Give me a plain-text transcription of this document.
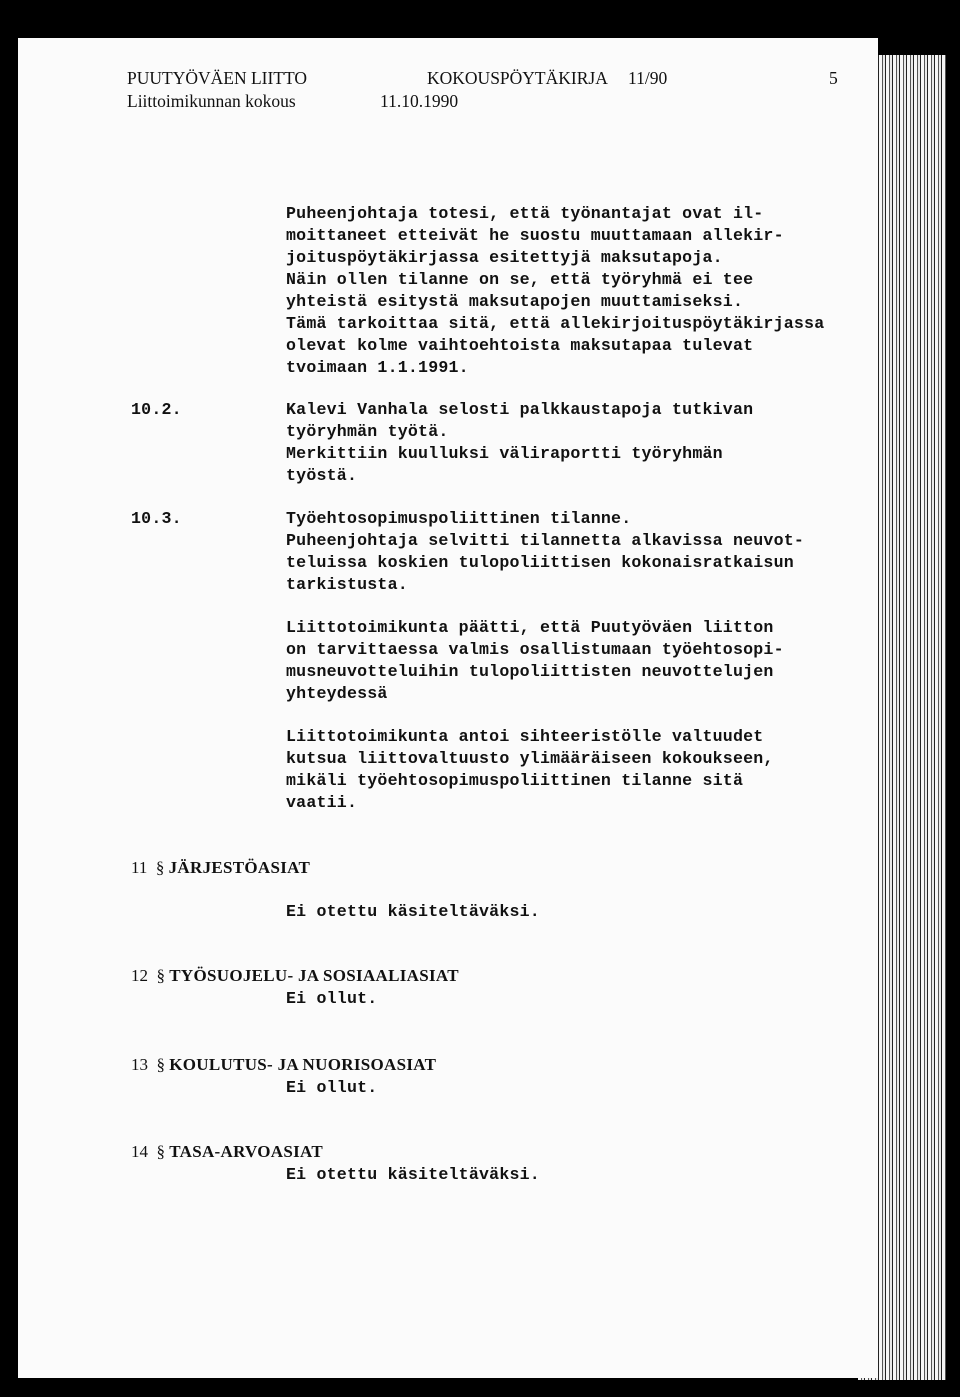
PUUTYÖVÄEN LIITTO	KOKOUSPÖYTÄKIRJA 11/90	5

Liittoimikunnan kokous	11.10.1990

Puheenjohtaja totesi, että työnantajat ovat il-

moittaneet etteivät he suostu muuttamaan allekir-

joituspöytäkirjassa esitettyjä maksutapoja.

Näin ollen tilanne on se, että työryhmä ei tee

yhteistä esitystä maksutapojen muuttamiseksi.

Tämä tarkoittaa sitä, että allekirjoituspöytäkirjassa

olevat kolme vaihtoehtoista maksutapaa tulevat

tvoimaan 1.1.1991.

10.2.	Kalevi Vanhala selosti palkkaustapoja tutkivan

työryhmän työtä.

Merkittiin kuulluksi väliraportti työryhmän

työstä.

10.3.	Työehtosopimuspoliittinen tilanne.

Puheenjohtaja selvitti tilannetta alkavissa neuvot-

teluissa koskien tulopoliittisen kokonaisratkaisun

tarkistusta.

Liittotoimikunta päätti, että Puutyöväen liitton

on tarvittaessa valmis osallistumaan työehtosopi-

musneuvotteluihin tulopoliittisten neuvottelujen

yhteydessä

Liittotoimikunta antoi sihteeristölle valtuudet

kutsua liittovaltuusto ylimääräiseen kokoukseen,

mikäli työehtosopimuspoliittinen tilanne sitä

vaatii.

11 § JÄRJESTÖASIAT

Ei otettu käsiteltäväksi.

12 § TYÖSUOJELU- JA SOSIAALIASIAT

Ei ollut.

13 § KOULUTUS- JA NUORISOASIAT

Ei ollut.

14 § TASA-ARVOASIAT

Ei otettu käsiteltäväksi.
